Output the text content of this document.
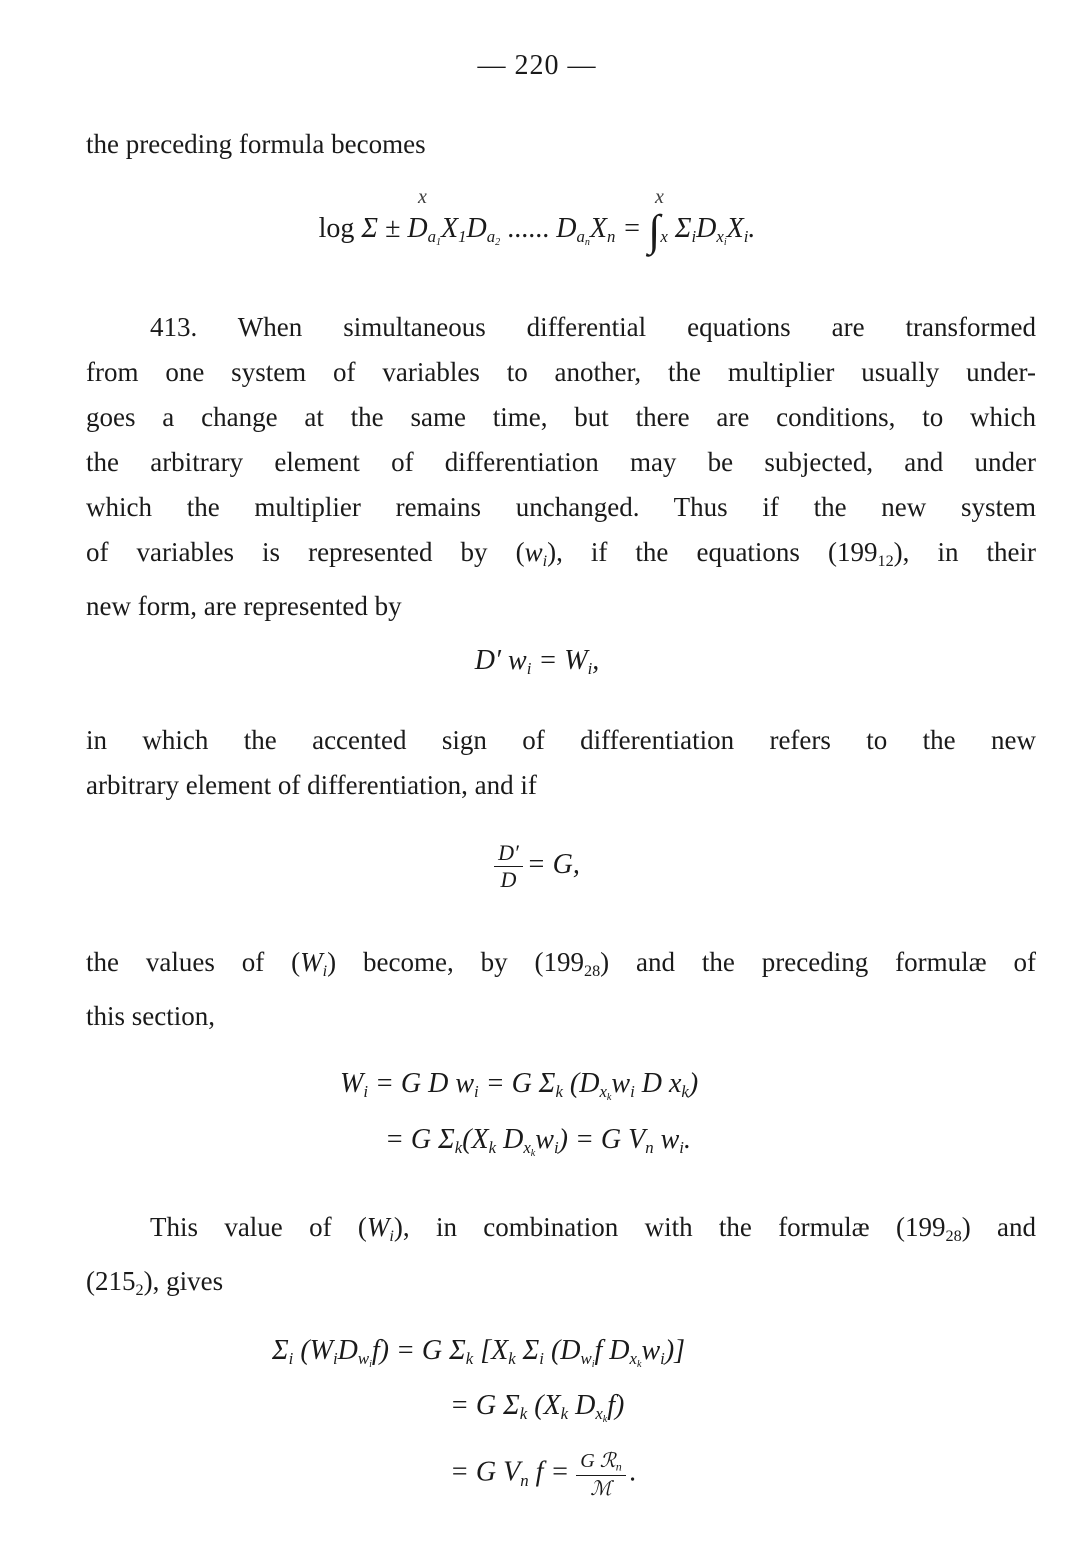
— 220 —
the preceding formula becomes
$\log \Sigma \pm D_{a_1}X_1D_{a_2}$ ...... $D_{a_n}X_n = \int_x$ $\Sigma_iD_{x_i}X_i$.
x	x
413. When simultaneous differential equations are transformed
from one system of variables to another, the multiplier usually under-
goes a change at the same time, but there are conditions, to which
the arbitrary element of differentiation may be subjected, and under
which the multiplier remains unchanged. Thus if the new system
of variables is represented by $(w_i)$, if the equations $(199_{12})$, in their
new form, are represented by
D′ $w_i = W_i$,
in which the accented sign of differentiation refers to the new
arbitrary element of differentiation, and if
$\frac{D'}{D} = G$,
the values of $(W_i)$ become, by $(199_{28})$ and the preceding formulæ of
this section,
$W_i = G$ D $w_i = G$ $\Sigma_k$ ($D_{x_k}w_i$ D $x_k$)
= G $\Sigma_k(X_k$ $D_{x_k}w_i) = G$ $V_n$ $w_i$.
This value of $(W_i)$, in combination with the formulæ $(199_{28})$ and
$(215_2)$, gives
$\Sigma_i$ $(W_iD_{w_i}f) = G$ $\Sigma_k$ [$X_k$ $\Sigma_i$ ($D_{w_i}f$ $D_{x_k}w_i$)]
= G $\Sigma_k$ ($X_k$ $D_{x_k}f$)
= G $V_n$ $f = \frac{G ℛ_n}{\text{ℳ}}$ .
